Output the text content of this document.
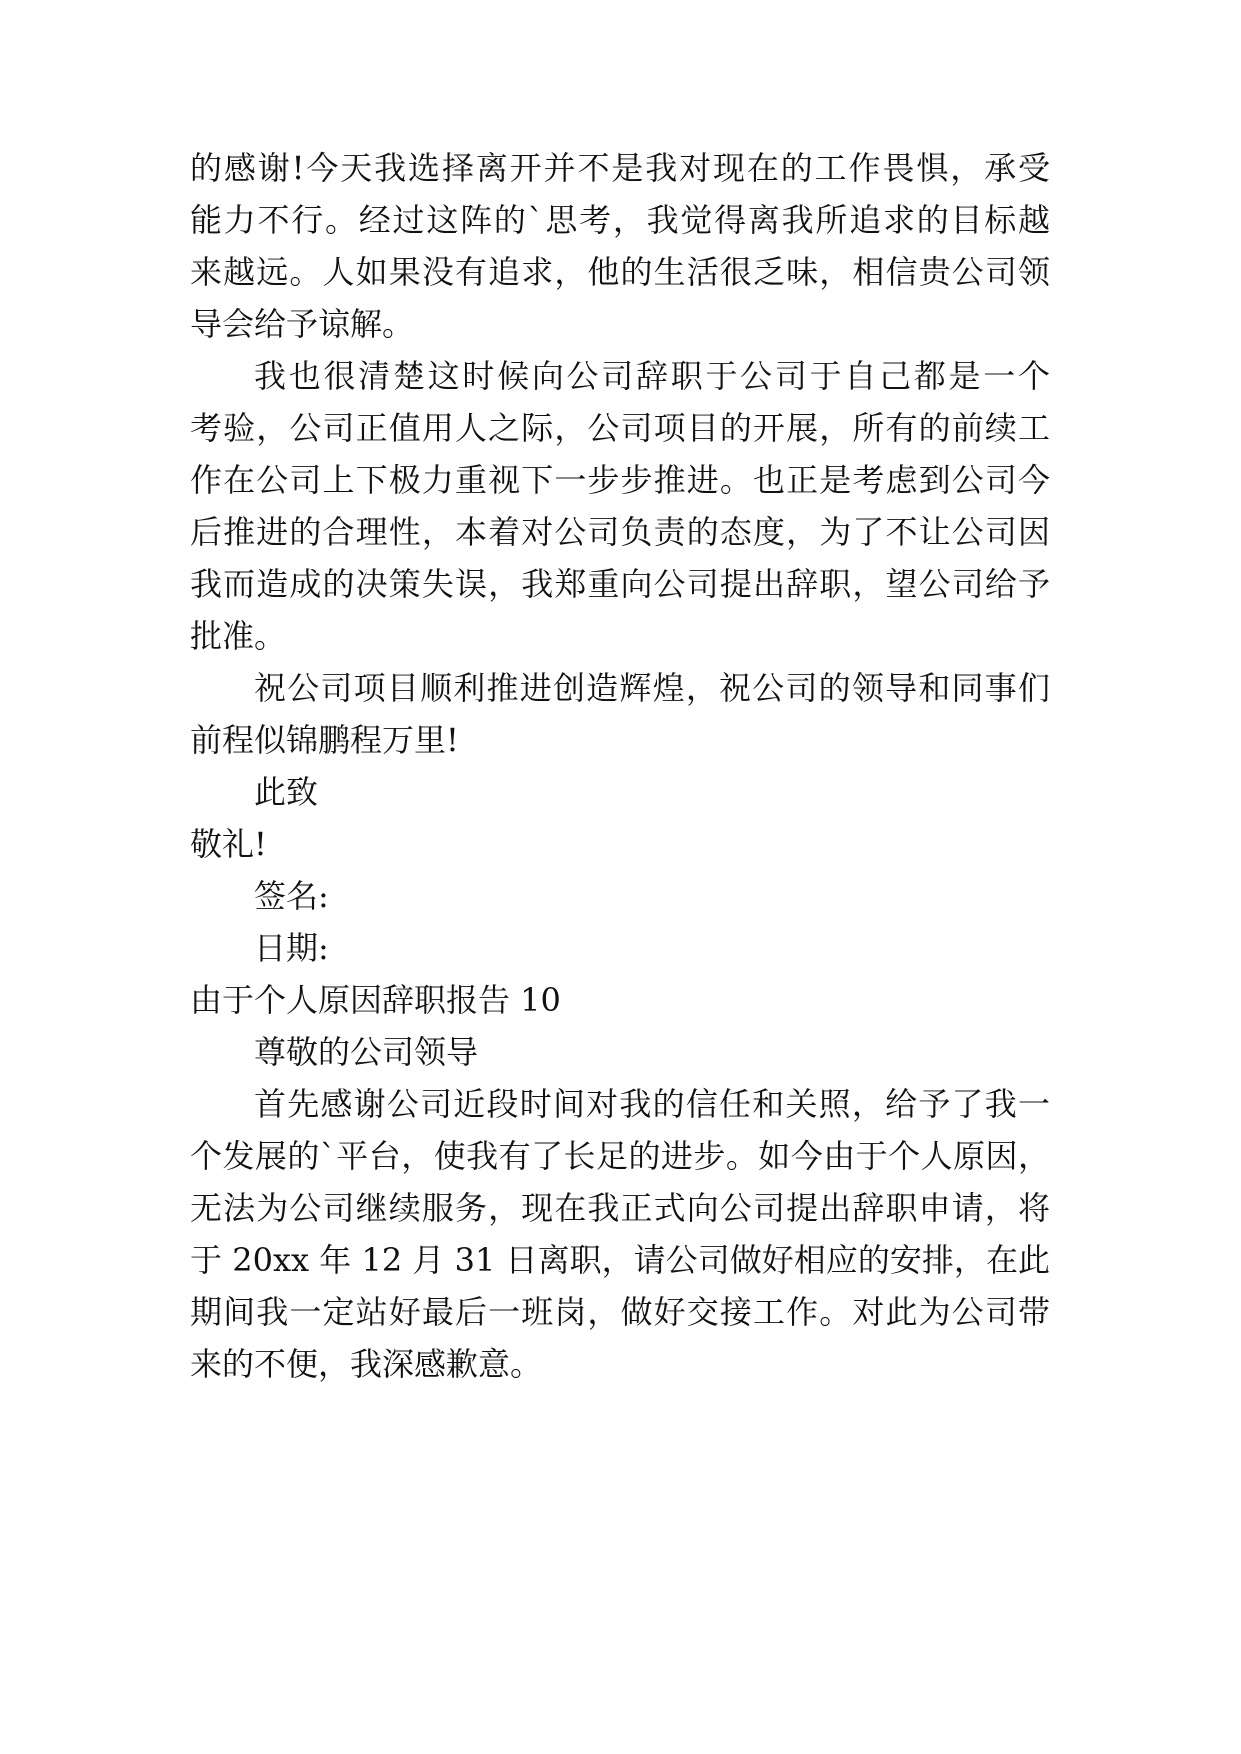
的感谢!今天我选择离开并不是我对现在的工作畏惧，承受
能力不行。经过这阵的`思考，我觉得离我所追求的目标越
来越远。人如果没有追求，他的生活很乏味，相信贵公司领
导会给予谅解。
我也很清楚这时候向公司辞职于公司于自己都是一个
考验，公司正值用人之际，公司项目的开展，所有的前续工
作在公司上下极力重视下一步步推进。也正是考虑到公司今
后推进的合理性，本着对公司负责的态度，为了不让公司因
我而造成的决策失误，我郑重向公司提出辞职，望公司给予
批准。
祝公司项目顺利推进创造辉煌，祝公司的领导和同事们
前程似锦鹏程万里!
此致
敬礼!
签名:
日期:
由于个人原因辞职报告 10
尊敬的公司领导
首先感谢公司近段时间对我的信任和关照，给予了我一
个发展的`平台，使我有了长足的进步。如今由于个人原因，
无法为公司继续服务，现在我正式向公司提出辞职申请，将
于 20xx 年 12 月 31 日离职，请公司做好相应的安排，在此
期间我一定站好最后一班岗，做好交接工作。对此为公司带
来的不便，我深感歉意。
